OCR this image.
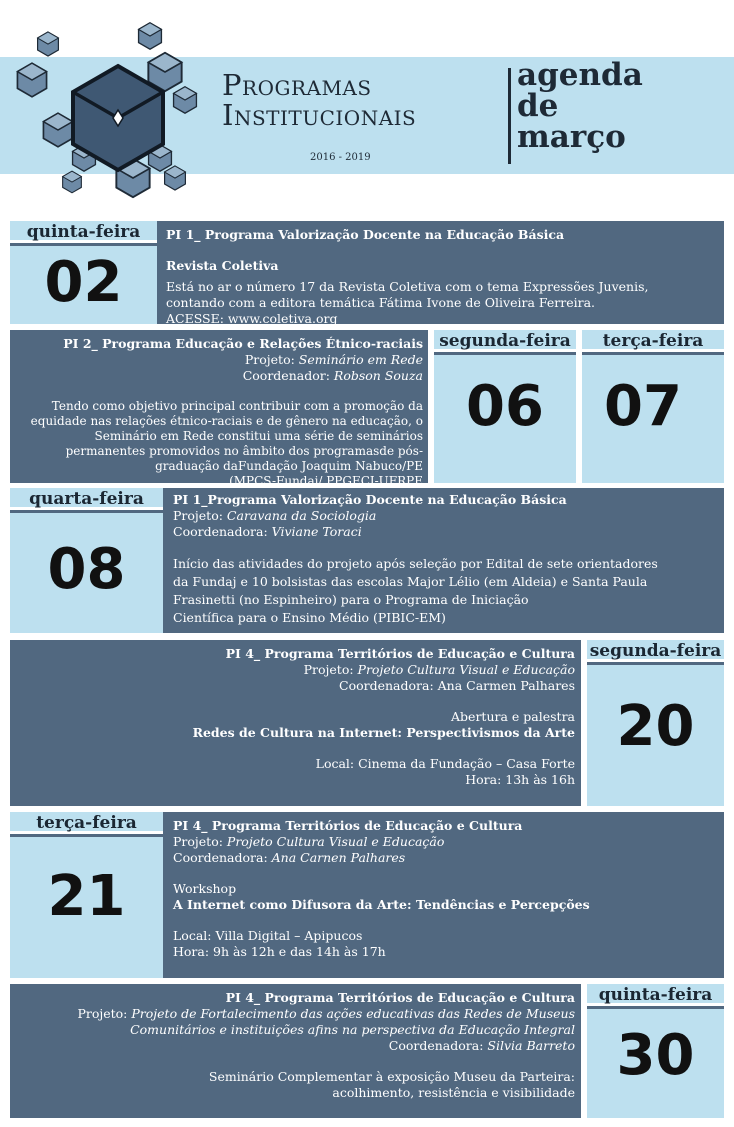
Programas
Institucionais
2016 - 2019
agenda
de
março
quinta-feira
02
PI 1_ Programa Valorização Docente na Educação Básica
Revista Coletiva
Está no ar o número 17 da Revista Coletiva com o tema Expressões Juvenis,
contando com a editora temática Fátima Ivone de Oliveira Ferreira.
ACESSE: www.coletiva.org
PI 2_ Programa Educação e Relações Étnico-raciais
Projeto: Seminário em Rede
Coordenador: Robson Souza
Tendo como objetivo principal contribuir com a promoção da
equidade nas relações étnico-raciais e de gênero na educação, o
Seminário em Rede constitui uma série de seminários
permanentes promovidos no âmbito dos programasde pós-
graduação daFundação Joaquim Nabuco/PE
(MPCS-Fundaj/ PPGECI-UFRPE
segunda-feira
06
terça-feira
07
quarta-feira
08
PI 1_Programa Valorização Docente na Educação Básica
Projeto: Caravana da Sociologia
Coordenadora: Viviane Toraci
Início das atividades do projeto após seleção por Edital de sete orientadores
da Fundaj e 10 bolsistas das escolas Major Lélio (em Aldeia) e Santa Paula
Frasinetti (no Espinheiro) para o Programa de Iniciação
Científica para o Ensino Médio (PIBIC-EM)
PI 4_ Programa Territórios de Educação e Cultura
Projeto: Projeto Cultura Visual e Educação
Coordenadora: Ana Carmen Palhares
Abertura e palestra
Redes de Cultura na Internet: Perspectivismos da Arte
Local: Cinema da Fundação – Casa Forte
Hora: 13h às 16h
segunda-feira
20
terça-feira
21
PI 4_ Programa Territórios de Educação e Cultura
Projeto: Projeto Cultura Visual e Educação
Coordenadora: Ana Carnen Palhares
Workshop
A Internet como Difusora da Arte: Tendências e Percepções
Local: Villa Digital – Apipucos
Hora: 9h às 12h e das 14h às 17h
PI 4_ Programa Territórios de Educação e Cultura
Projeto: Projeto de Fortalecimento das ações educativas das Redes de Museus
Comunitários e instituições afins na perspectiva da Educação Integral
Coordenadora: Silvia Barreto
Seminário Complementar à exposição Museu da Parteira:
acolhimento, resistência e visibilidade
quinta-feira
30
